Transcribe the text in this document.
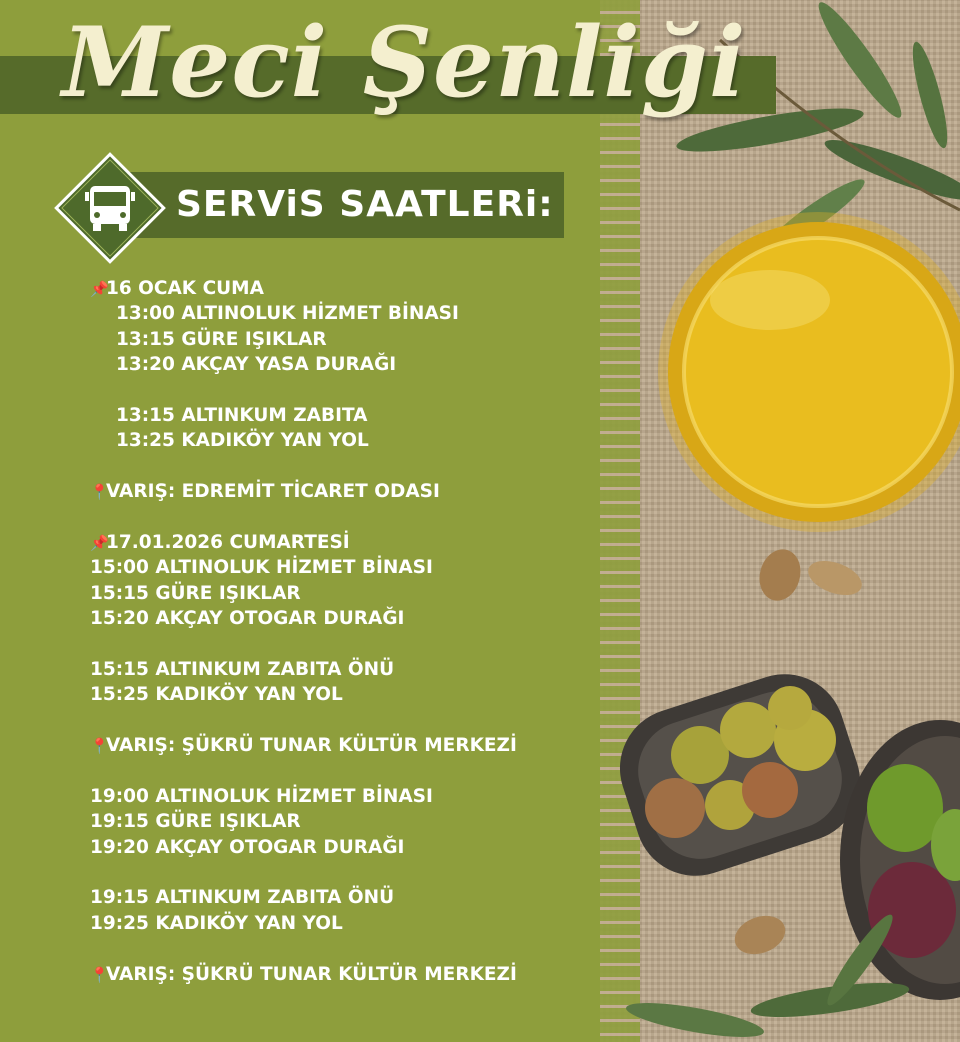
Meci Şenliği
SERViS SAATLERi:
📌16 OCAK CUMA
13:00 ALTINOLUK HİZMET BİNASI
13:15 GÜRE IŞIKLAR
13:20 AKÇAY YASA DURAĞI
13:15 ALTINKUM ZABITA
13:25 KADIKÖY YAN YOL
📍VARIŞ: EDREMİT TİCARET ODASI
📌17.01.2026 CUMARTESİ
15:00 ALTINOLUK HİZMET BİNASI
15:15 GÜRE IŞIKLAR
15:20 AKÇAY OTOGAR DURAĞI
15:15 ALTINKUM ZABITA ÖNÜ
15:25 KADIKÖY YAN YOL
📍VARIŞ: ŞÜKRÜ TUNAR KÜLTÜR MERKEZİ
19:00 ALTINOLUK HİZMET BİNASI
19:15 GÜRE IŞIKLAR
19:20 AKÇAY OTOGAR DURAĞI
19:15 ALTINKUM ZABITA ÖNÜ
19:25 KADIKÖY YAN YOL
📍VARIŞ: ŞÜKRÜ TUNAR KÜLTÜR MERKEZİ
